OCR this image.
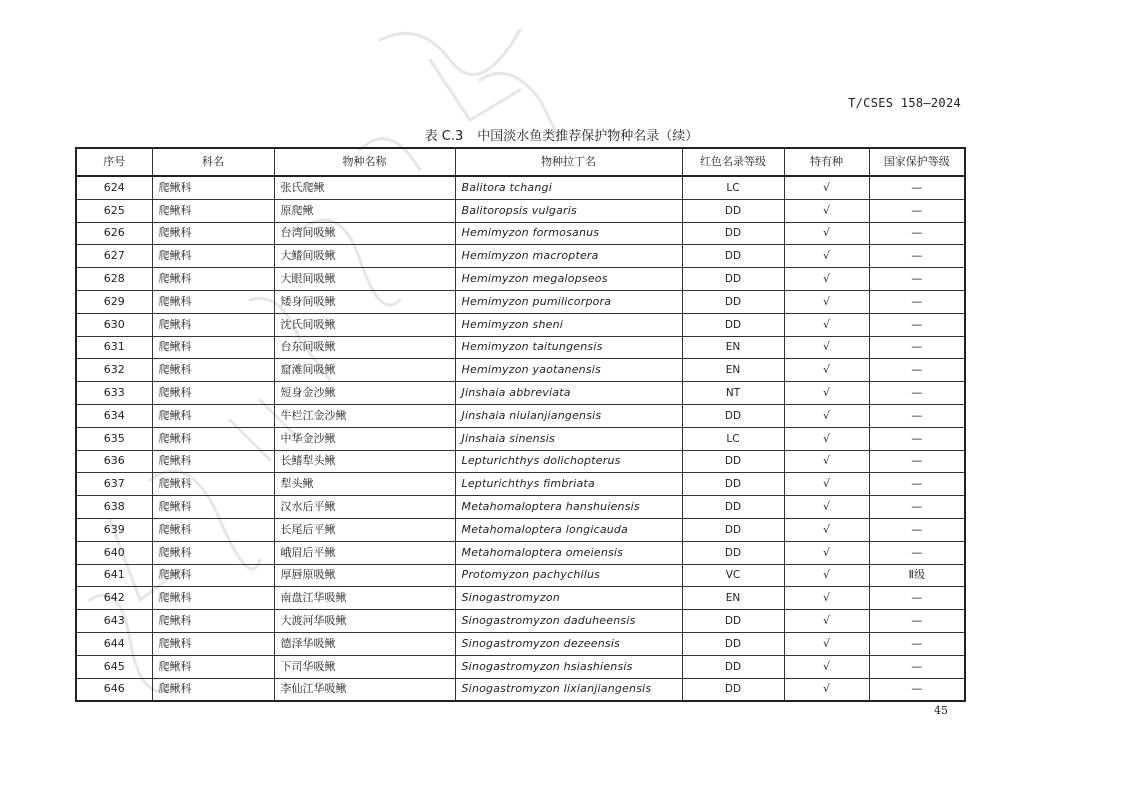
T/CSES 158—2024
表 C.3 中国淡水鱼类推荐保护物种名录（续）
序号	科名	物种名称	物种拉丁名	红色名录等级	特有种	国家保护等级
624	爬鳅科	张氏爬鳅	Balitora tchangi	LC	√	—
625	爬鳅科	原爬鳅	Balitoropsis vulgaris	DD	√	—
626	爬鳅科	台湾间吸鳅	Hemimyzon formosanus	DD	√	—
627	爬鳅科	大鳍间吸鳅	Hemimyzon macroptera	DD	√	—
628	爬鳅科	大眼间吸鳅	Hemimyzon megalopseos	DD	√	—
629	爬鳅科	矮身间吸鳅	Hemimyzon pumilicorpora	DD	√	—
630	爬鳅科	沈氏间吸鳅	Hemimyzon sheni	DD	√	—
631	爬鳅科	台东间吸鳅	Hemimyzon taitungensis	EN	√	—
632	爬鳅科	窟滩间吸鳅	Hemimyzon yaotanensis	EN	√	—
633	爬鳅科	短身金沙鳅	Jinshaia abbreviata	NT	√	—
634	爬鳅科	牛栏江金沙鳅	Jinshaia niulanjiangensis	DD	√	—
635	爬鳅科	中华金沙鳅	Jinshaia sinensis	LC	√	—
636	爬鳅科	长鳍犁头鳅	Lepturichthys dolichopterus	DD	√	—
637	爬鳅科	犁头鳅	Lepturichthys fimbriata	DD	√	—
638	爬鳅科	汉水后平鳅	Metahomaloptera hanshuiensis	DD	√	—
639	爬鳅科	长尾后平鳅	Metahomaloptera longicauda	DD	√	—
640	爬鳅科	峨眉后平鳅	Metahomaloptera omeiensis	DD	√	—
641	爬鳅科	厚唇原吸鳅	Protomyzon pachychilus	VC	√	Ⅱ级
642	爬鳅科	南盘江华吸鳅	Sinogastromyzon	EN	√	—
643	爬鳅科	大渡河华吸鳅	Sinogastromyzon daduheensis	DD	√	—
644	爬鳅科	德泽华吸鳅	Sinogastromyzon dezeensis	DD	√	—
645	爬鳅科	下司华吸鳅	Sinogastromyzon hsiashiensis	DD	√	—
646	爬鳅科	李仙江华吸鳅	Sinogastromyzon lixianjiangensis	DD	√	—
45
